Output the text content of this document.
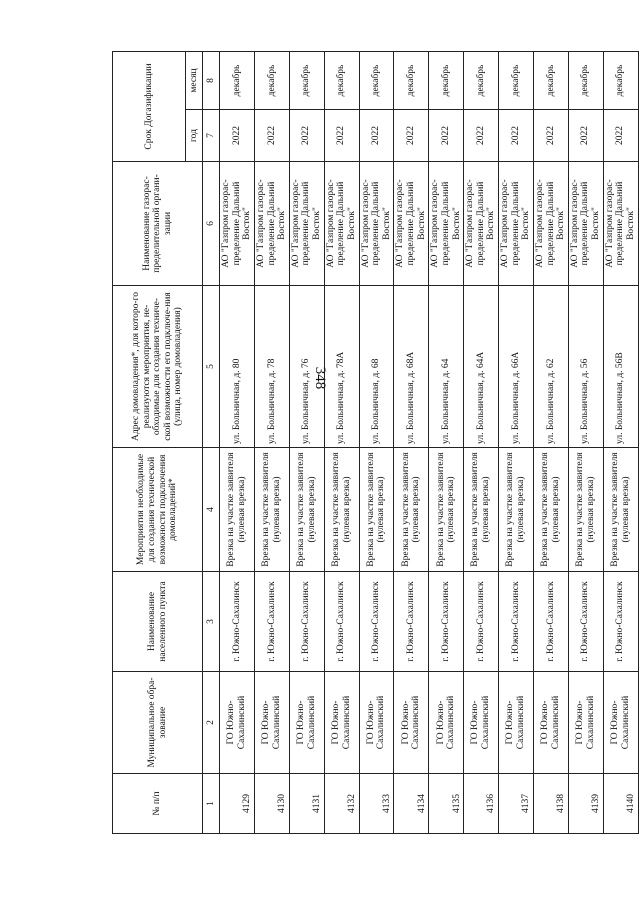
348
№ п/п	Муниципальное обра-зование	Наименование населенного пункта	Мероприятия необходимые для создания технической возможности подключения домовладений*	Адрес домовладения*, для которо-го реализуются мероприятия, не-обходимые для создания техниче-ской возможности его подключе-ния (улица, номер домовладения)	Наименование газорас-пределительной органи-зации	Срок Догазификации	
						год	месяц
1	2	3	4	5	6	7	8
4129	ГО Южно-Сахалинский	г. Южно-Сахалинск	Врезка на участке заявителя (нулевая врезка)	ул. Больничная, д. 80	АО "Газпром газорас-пределение Дальний Восток"	2022	декабрь
4130	ГО Южно-Сахалинский	г. Южно-Сахалинск	Врезка на участке заявителя (нулевая врезка)	ул. Больничная, д. 78	АО "Газпром газорас-пределение Дальний Восток"	2022	декабрь
4131	ГО Южно-Сахалинский	г. Южно-Сахалинск	Врезка на участке заявителя (нулевая врезка)	ул. Больничная, д. 76	АО "Газпром газорас-пределение Дальний Восток"	2022	декабрь
4132	ГО Южно-Сахалинский	г. Южно-Сахалинск	Врезка на участке заявителя (нулевая врезка)	ул. Больничная, д. 78А	АО "Газпром газорас-пределение Дальний Восток"	2022	декабрь
4133	ГО Южно-Сахалинский	г. Южно-Сахалинск	Врезка на участке заявителя (нулевая врезка)	ул. Больничная, д. 68	АО "Газпром газорас-пределение Дальний Восток"	2022	декабрь
4134	ГО Южно-Сахалинский	г. Южно-Сахалинск	Врезка на участке заявителя (нулевая врезка)	ул. Больничная, д. 68А	АО "Газпром газорас-пределение Дальний Восток"	2022	декабрь
4135	ГО Южно-Сахалинский	г. Южно-Сахалинск	Врезка на участке заявителя (нулевая врезка)	ул. Больничная, д. 64	АО "Газпром газорас-пределение Дальний Восток"	2022	декабрь
4136	ГО Южно-Сахалинский	г. Южно-Сахалинск	Врезка на участке заявителя (нулевая врезка)	ул. Больничная, д. 64А	АО "Газпром газорас-пределение Дальний Восток"	2022	декабрь
4137	ГО Южно-Сахалинский	г. Южно-Сахалинск	Врезка на участке заявителя (нулевая врезка)	ул. Больничная, д. 66А	АО "Газпром газорас-пределение Дальний Восток"	2022	декабрь
4138	ГО Южно-Сахалинский	г. Южно-Сахалинск	Врезка на участке заявителя (нулевая врезка)	ул. Больничная, д. 62	АО "Газпром газорас-пределение Дальний Восток"	2022	декабрь
4139	ГО Южно-Сахалинский	г. Южно-Сахалинск	Врезка на участке заявителя (нулевая врезка)	ул. Больничная, д. 56	АО "Газпром газорас-пределение Дальний Восток"	2022	декабрь
4140	ГО Южно-Сахалинский	г. Южно-Сахалинск	Врезка на участке заявителя (нулевая врезка)	ул. Больничная, д. 56В	АО "Газпром газорас-пределение Дальний Восток"	2022	декабрь
